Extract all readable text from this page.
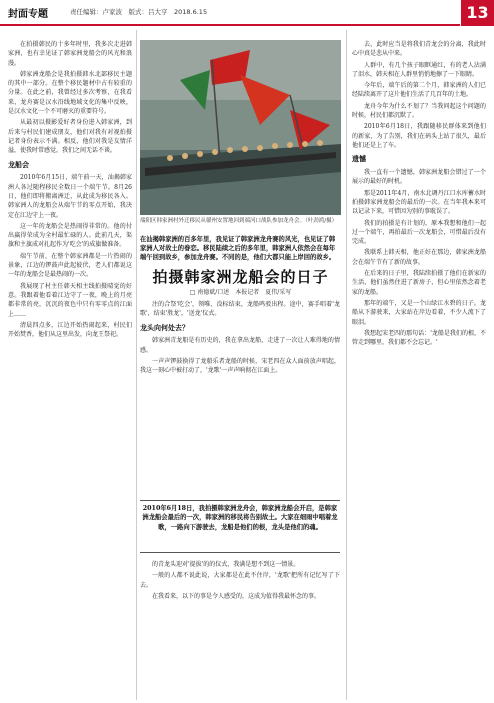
封面专题	责任编辑：卢家波　版式：吕大亨　2018.6.15	13

在拍摄韩民的十多年时里，我多次走进韩家洲，也有幸见证了韩家洲龙船会的风光和浪漫。

韩家洲龙船会是我拍摄韩水北部移民主题的其中一部分。在整个移民题材中占有较重的分量。在此之前，我曾经过多次考察，在我看来，龙舟赛是汉水沿线地域文化的集中反映，是汉水文化一个不可磨灭的重要符号。

从最初以摄影爱好者身份进入韩家洲，到后来与村民们建成朋友，他们对我有对视拍摄记者身份表示不满。相反，他们对我是友情洋溢，使我时常感觉，我们之间无话不谈。

龙船会

2010年6月15日，端午前一天，汕揭韩家洲人各过随程移民全数日一个端午节。8月26日，他们即将搬离洲迁，从此成为移民各入。韩家洲人的龙船会从端午节的零点开始，我决定在江边守上一夜。

这一年的龙船会是热闹得非常的。他的付出赢得荣成为全村最忙碌的人。此前几天，渠旗和主旗成对扎起作为'吃会'的成旗做准备。

端午节前，在整个韩家洲都是一片热闹的景象，江边的锣鼓声此起彼伏，老人们都说这一年的龙船会是最热闹的一次。

我展现了村主任韩天相主线拍摄晴觉的好意。我跟着他看着江边守了一夜，晚上的月亮都非常的亮，沉沉的夜色中只有零零点的江面上……

清晨四点多，江边开始热闹起来，村民们开始焚香，他们从这里出发，向龙王祭祀。

端阳区韩家洲村外迁移民从赣州安置地回到端河口战队参加龙舟会。（叶劲鸿/摄）
在汕揭韩家洲的百多年里，我见证了韩家洲龙舟赛的风光，也见证了韩家洲人对故土的眷恋。移民陆续之后的多年里，韩家洲人依然会在每年端午回到故乡，参加龙舟赛。不同的是，他们大都只能上岸回的故乡。
拍摄韩家洲龙船会的日子
□ 南德斌/口述　本报记者　夏伟/采写

注的合祭'吃会'，领唯、没标结束，龙船鸣驳出程。途中，赛手唱着'龙歌'，结束'胜龙'，'送龙'仪式。

龙头向何处去？

韩家洲青龙船是有历史的，我在拿出龙船，走进了一次让人难得地的情感。

一声声锣鼓换得了龙船乐者龙船的时候，宋老四在众人面前放声唱起，我这一刻心中被打动了，'龙歌'一声声响彻在江面上。

2010年6月18日，我拍摄韩家洲龙舟会，韩家洲龙船会开启，是韩家洲龙船会最后的一次，韩家洲的移民将告别故土。大家在细雨中唱着龙歌，一路向下游驶去，龙船是他们的根，龙头是他们的魂。

的青龙头迎对'提拔'的的仪式，我满是想不到这一情景。

一般的人都不说此说，大家都是在此不住岸，'龙歌'把所有记忆写了下去。

在我看来，以下的事是令人感受的，这成为值得我最怀念的事。

去，此时应当是将我们青龙会的分离，我此时心中真是悲从中来。

人群中，有几个孩子眼眶通红，有的老人沾满了泪水，韩天相在人群里悄悄地擦了一下眼睛。

今年后，端午后的第二个月，韩家洲的人们已经陆续离开了这片他们生活了几百年的土地。

龙舟今年为什么不划了？当我问起这个问题的时候，村民们都沉默了。

2010年6月18日，我跟随移民群体来到他们的新家，为了告别，我们在码头上站了很久，最后他们还是上了车。

遗憾

我一直有一个遗憾，韩家洲龙船会错过了一个展示的最好的时机。

那是2011年4月，南水北调丹江口水库蓄水时拍摄韩家洲龙船会的最后的一次。在当年我本来可以记录下来，可惜因为别的事耽误了。

我们的拍摄是有计划的，原本我想和他们一起过一个端午，再拍最后一次龙船会，可惜最后没有完成。

我联系上韩天相，他正好在那边，韩家洲龙船会在端午节有了新的故事。

在后来的日子里，我陆续拍摄了他们在新家的生活，他们虽然住进了新房子，但心里依然念着老家的龙船。

那年的端午，又是一个山绿江水碧的日子。龙船从下游驶来，大家站在岸边看着，不少人流下了眼泪。

我想起宋老四的那句话：'龙船是我们的根，不管走到哪里，我们都不会忘记。'
